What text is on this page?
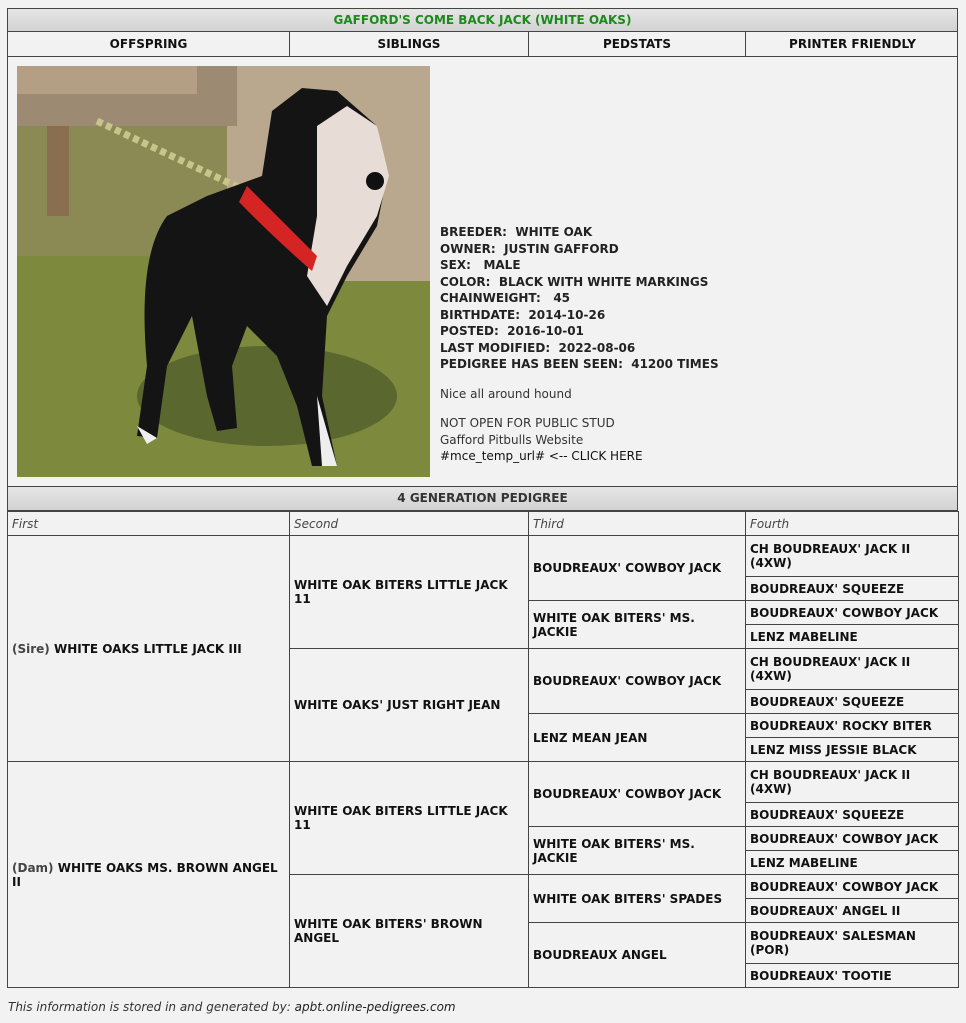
GAFFORD'S COME BACK JACK (WHITE OAKS)
OFFSPRING	SIBLINGS	PEDSTATS	PRINTER FRIENDLY
BREEDER: WHITE OAK
OWNER: JUSTIN GAFFORD
SEX: MALE
COLOR: BLACK WITH WHITE MARKINGS
CHAINWEIGHT: 45
BIRTHDATE: 2014-10-26
POSTED: 2016-10-01
LAST MODIFIED: 2022-08-06
PEDIGREE HAS BEEN SEEN: 41200 TIMES
Nice all around hound
NOT OPEN FOR PUBLIC STUD
Gafford Pitbulls Website
#mce_temp_url# <-- CLICK HERE
4 GENERATION PEDIGREE
First	Second	Third	Fourth
(Sire) WHITE OAKS LITTLE JACK III	WHITE OAK BITERS LITTLE JACK 11	BOUDREAUX' COWBOY JACK	CH BOUDREAUX' JACK II (4XW)
			BOUDREAUX' SQUEEZE
		WHITE OAK BITERS' MS. JACKIE	BOUDREAUX' COWBOY JACK
			LENZ MABELINE
	WHITE OAKS' JUST RIGHT JEAN	BOUDREAUX' COWBOY JACK	CH BOUDREAUX' JACK II (4XW)
			BOUDREAUX' SQUEEZE
		LENZ MEAN JEAN	BOUDREAUX' ROCKY BITER
			LENZ MISS JESSIE BLACK
(Dam) WHITE OAKS MS. BROWN ANGEL II	WHITE OAK BITERS LITTLE JACK 11	BOUDREAUX' COWBOY JACK	CH BOUDREAUX' JACK II (4XW)
			BOUDREAUX' SQUEEZE
		WHITE OAK BITERS' MS. JACKIE	BOUDREAUX' COWBOY JACK
			LENZ MABELINE
	WHITE OAK BITERS' BROWN ANGEL	WHITE OAK BITERS' SPADES	BOUDREAUX' COWBOY JACK
			BOUDREAUX' ANGEL II
		BOUDREAUX ANGEL	BOUDREAUX' SALESMAN (POR)
			BOUDREAUX' TOOTIE
This information is stored in and generated by: apbt.online-pedigrees.com
